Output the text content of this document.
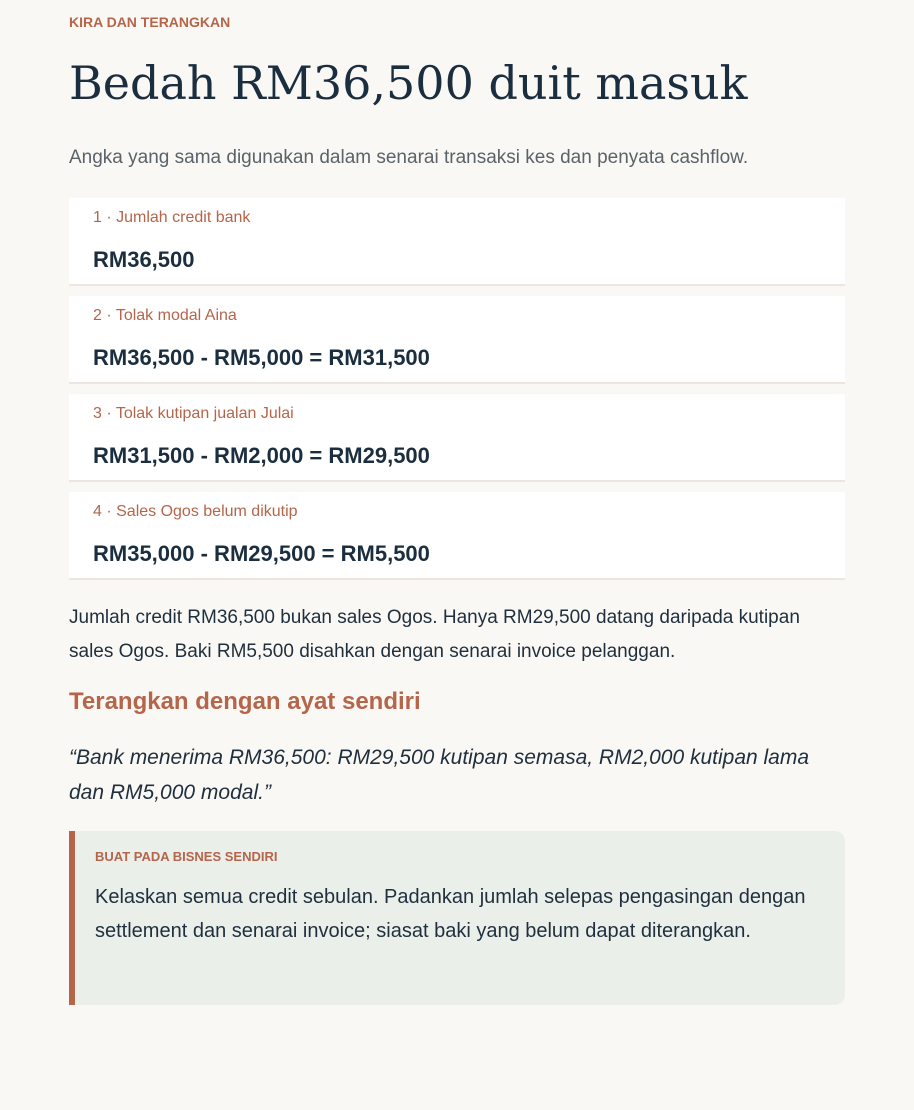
KIRA DAN TERANGKAN
Bedah RM36,500 duit masuk
Angka yang sama digunakan dalam senarai transaksi kes dan penyata cashflow.
1 · Jumlah credit bank
RM36,500
2 · Tolak modal Aina
RM36,500 - RM5,000 = RM31,500
3 · Tolak kutipan jualan Julai
RM31,500 - RM2,000 = RM29,500
4 · Sales Ogos belum dikutip
RM35,000 - RM29,500 = RM5,500

Jumlah credit RM36,500 bukan sales Ogos. Hanya RM29,500 datang daripada kutipan sales Ogos. Baki RM5,500 disahkan dengan senarai invoice pelanggan.

Terangkan dengan ayat sendiri

“Bank menerima RM36,500: RM29,500 kutipan semasa, RM2,000 kutipan lama dan RM5,000 modal.”

BUAT PADA BISNES SENDIRI
Kelaskan semua credit sebulan. Padankan jumlah selepas pengasingan dengan settlement dan senarai invoice; siasat baki yang belum dapat diterangkan.
